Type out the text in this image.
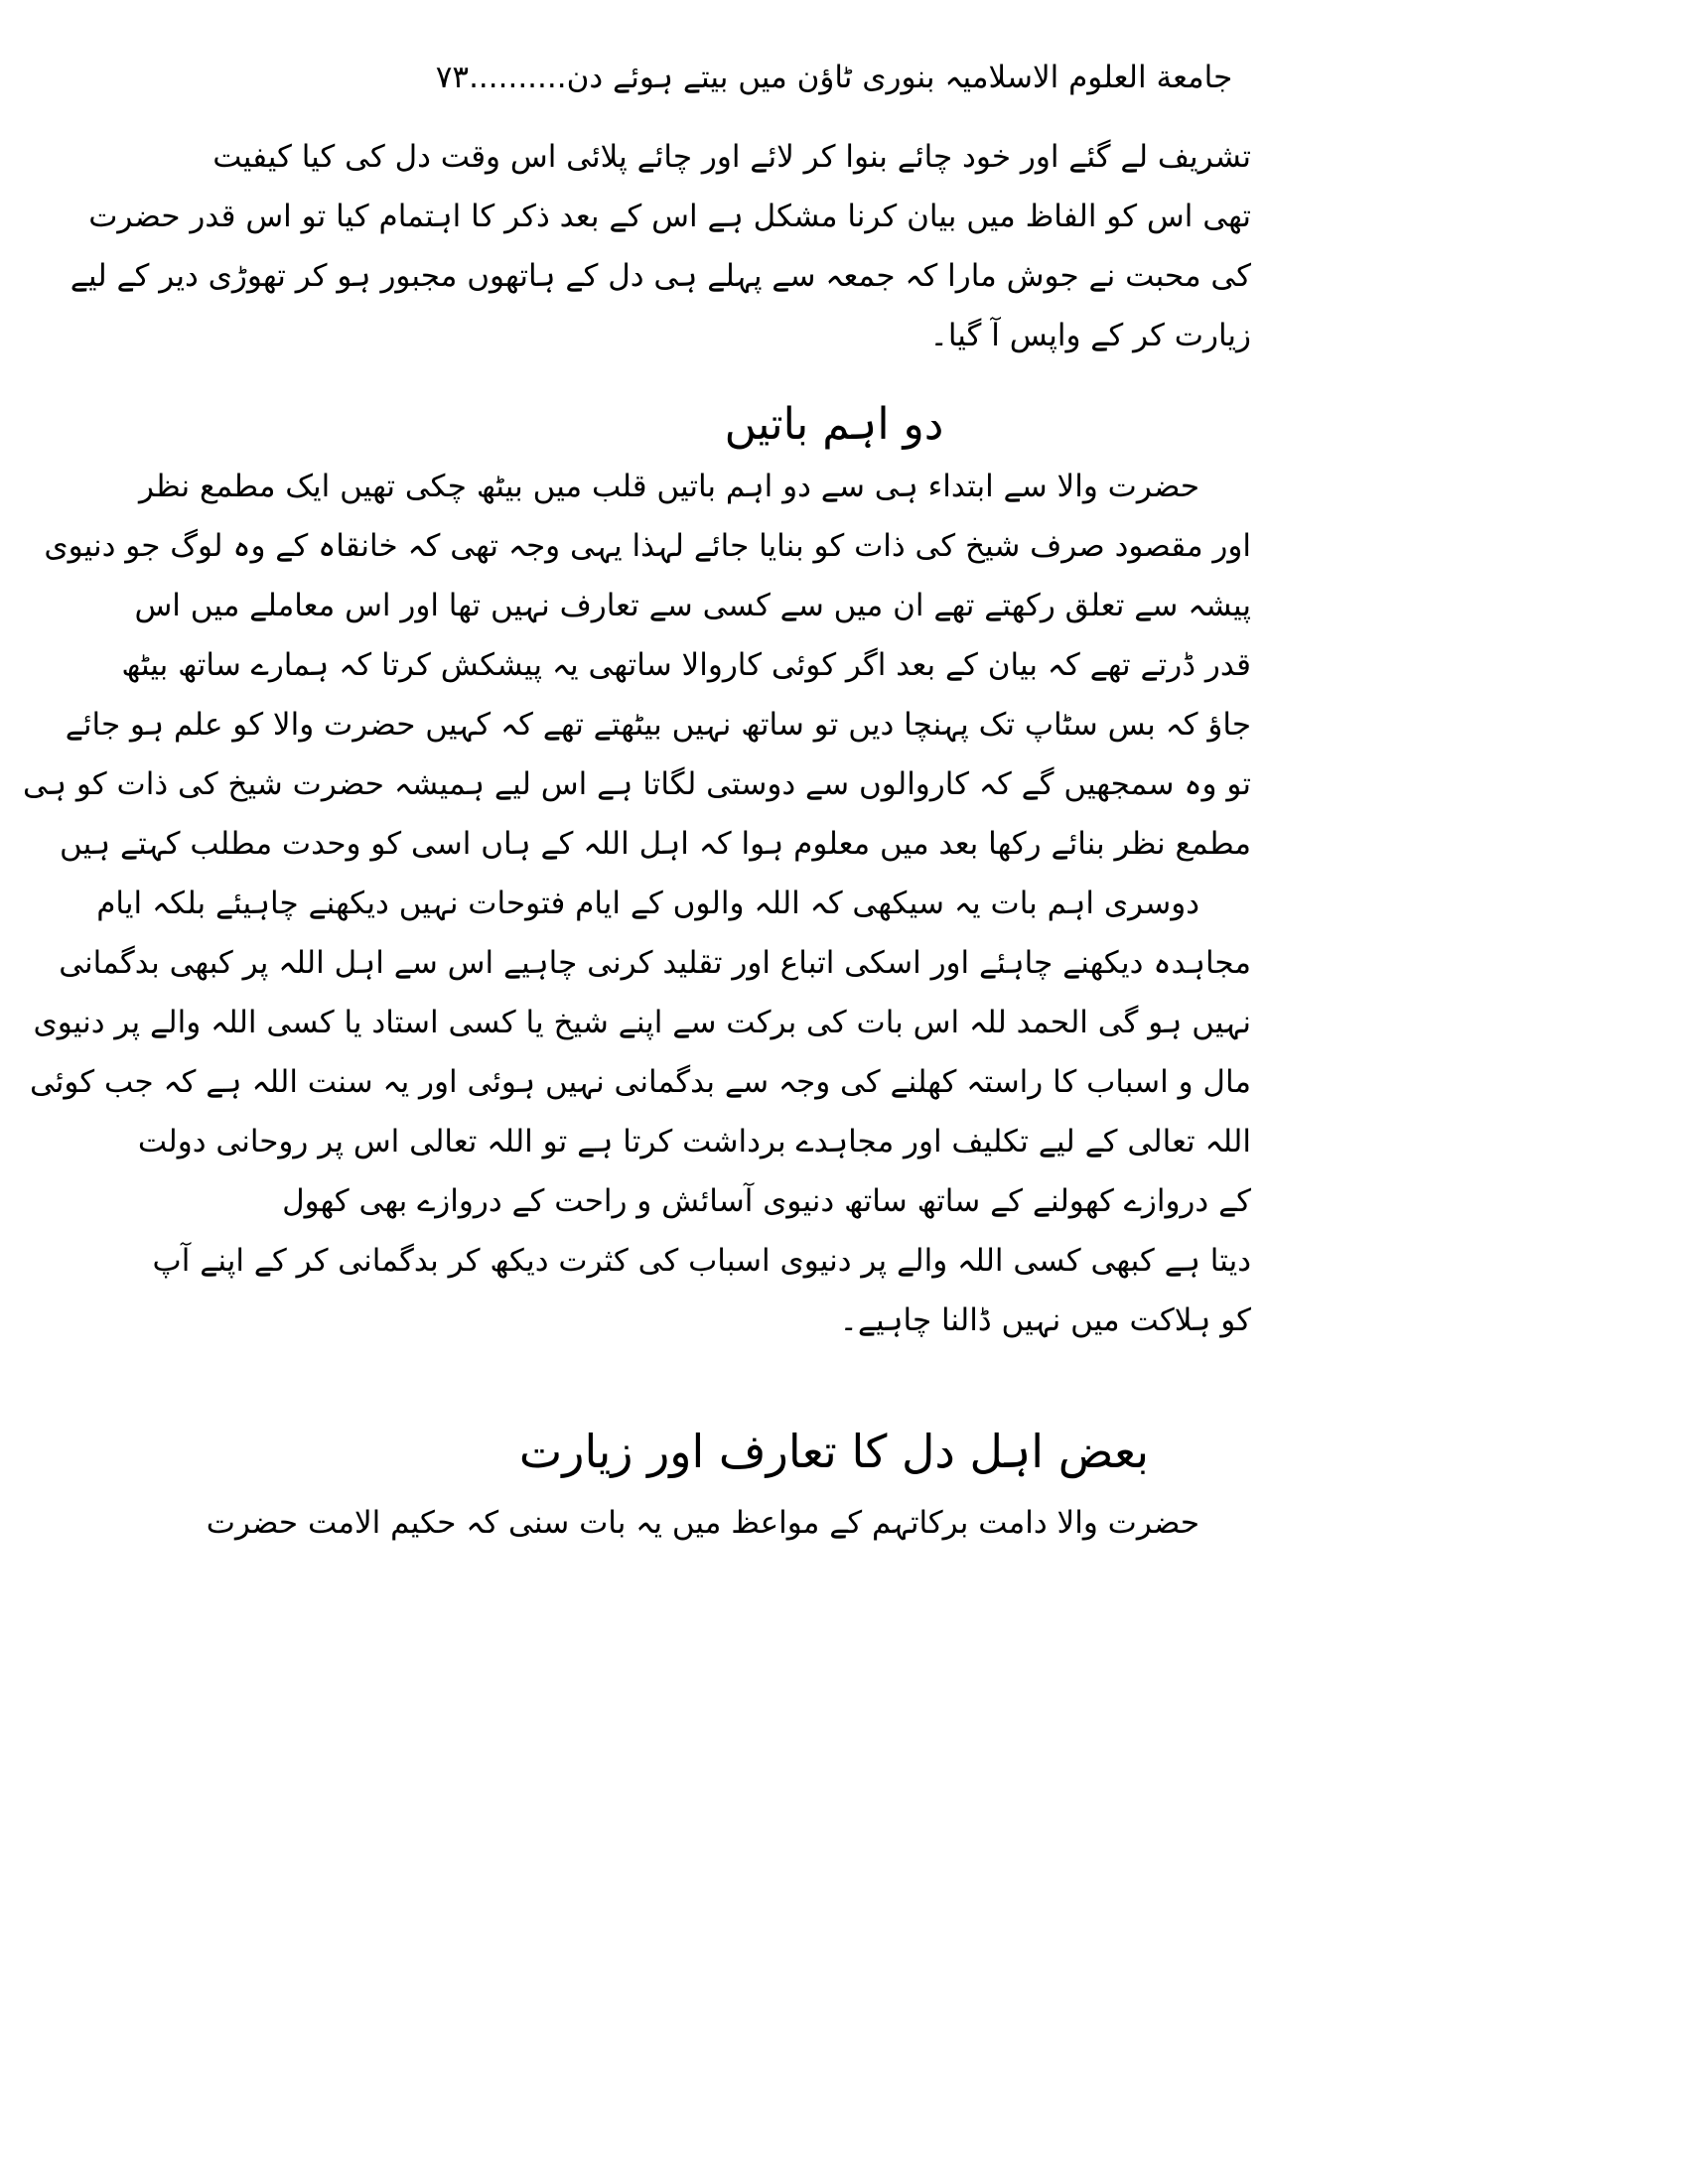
جامعة العلوم الاسلامیہ بنوری ٹاؤن میں بیتے ہوئے دن..........۷۳
تشریف لے گئے اور خود چائے بنوا کر لائے اور چائے پلائی اس وقت دل کی کیا کیفیت
تھی اس کو الفاظ میں بیان کرنا مشکل ہے اس کے بعد ذکر کا اہتمام کیا تو اس قدر حضرت
کی محبت نے جوش مارا کہ جمعہ سے پہلے ہی دل کے ہاتھوں مجبور ہو کر تھوڑی دیر کے لیے
زیارت کر کے واپس آ گیا۔
دو اہم باتیں
حضرت والا سے ابتداء ہی سے دو اہم باتیں قلب میں بیٹھ چکی تھیں ایک مطمع نظر
اور مقصود صرف شیخ کی ذات کو بنایا جائے لہذا یہی وجہ تھی کہ خانقاہ کے وہ لوگ جو دنیوی
پیشہ سے تعلق رکھتے تھے ان میں سے کسی سے تعارف نہیں تھا اور اس معاملے میں اس
قدر ڈرتے تھے کہ بیان کے بعد اگر کوئی کاروالا ساتھی یہ پیشکش کرتا کہ ہمارے ساتھ بیٹھ
جاؤ کہ بس سٹاپ تک پہنچا دیں تو ساتھ نہیں بیٹھتے تھے کہ کہیں حضرت والا کو علم ہو جائے
تو وہ سمجھیں گے کہ کاروالوں سے دوستی لگاتا ہے اس لیے ہمیشہ حضرت شیخ کی ذات کو ہی
مطمع نظر بنائے رکھا بعد میں معلوم ہوا کہ اہل اللہ کے ہاں اسی کو وحدت مطلب کہتے ہیں
دوسری اہم بات یہ سیکھی کہ اللہ والوں کے ایام فتوحات نہیں دیکھنے چاہیئے بلکہ ایام
مجاہدہ دیکھنے چاہئے اور اسکی اتباع اور تقلید کرنی چاہیے اس سے اہل اللہ پر کبھی بدگمانی
نہیں ہو گی الحمد للہ اس بات کی برکت سے اپنے شیخ یا کسی استاد یا کسی اللہ والے پر دنیوی
مال و اسباب کا راستہ کھلنے کی وجہ سے بدگمانی نہیں ہوئی اور یہ سنت اللہ ہے کہ جب کوئی
اللہ تعالی کے لیے تکلیف اور مجاہدے برداشت کرتا ہے تو اللہ تعالی اس پر روحانی دولت
کے دروازے کھولنے کے ساتھ ساتھ دنیوی آسائش و راحت کے دروازے بھی کھول
دیتا ہے کبھی کسی اللہ والے پر دنیوی اسباب کی کثرت دیکھ کر بدگمانی کر کے اپنے آپ
کو ہلاکت میں نہیں ڈالنا چاہیے۔
بعض اہل دل کا تعارف اور زیارت
حضرت والا دامت برکاتہم کے مواعظ میں یہ بات سنی کہ حکیم الامت حضرت
